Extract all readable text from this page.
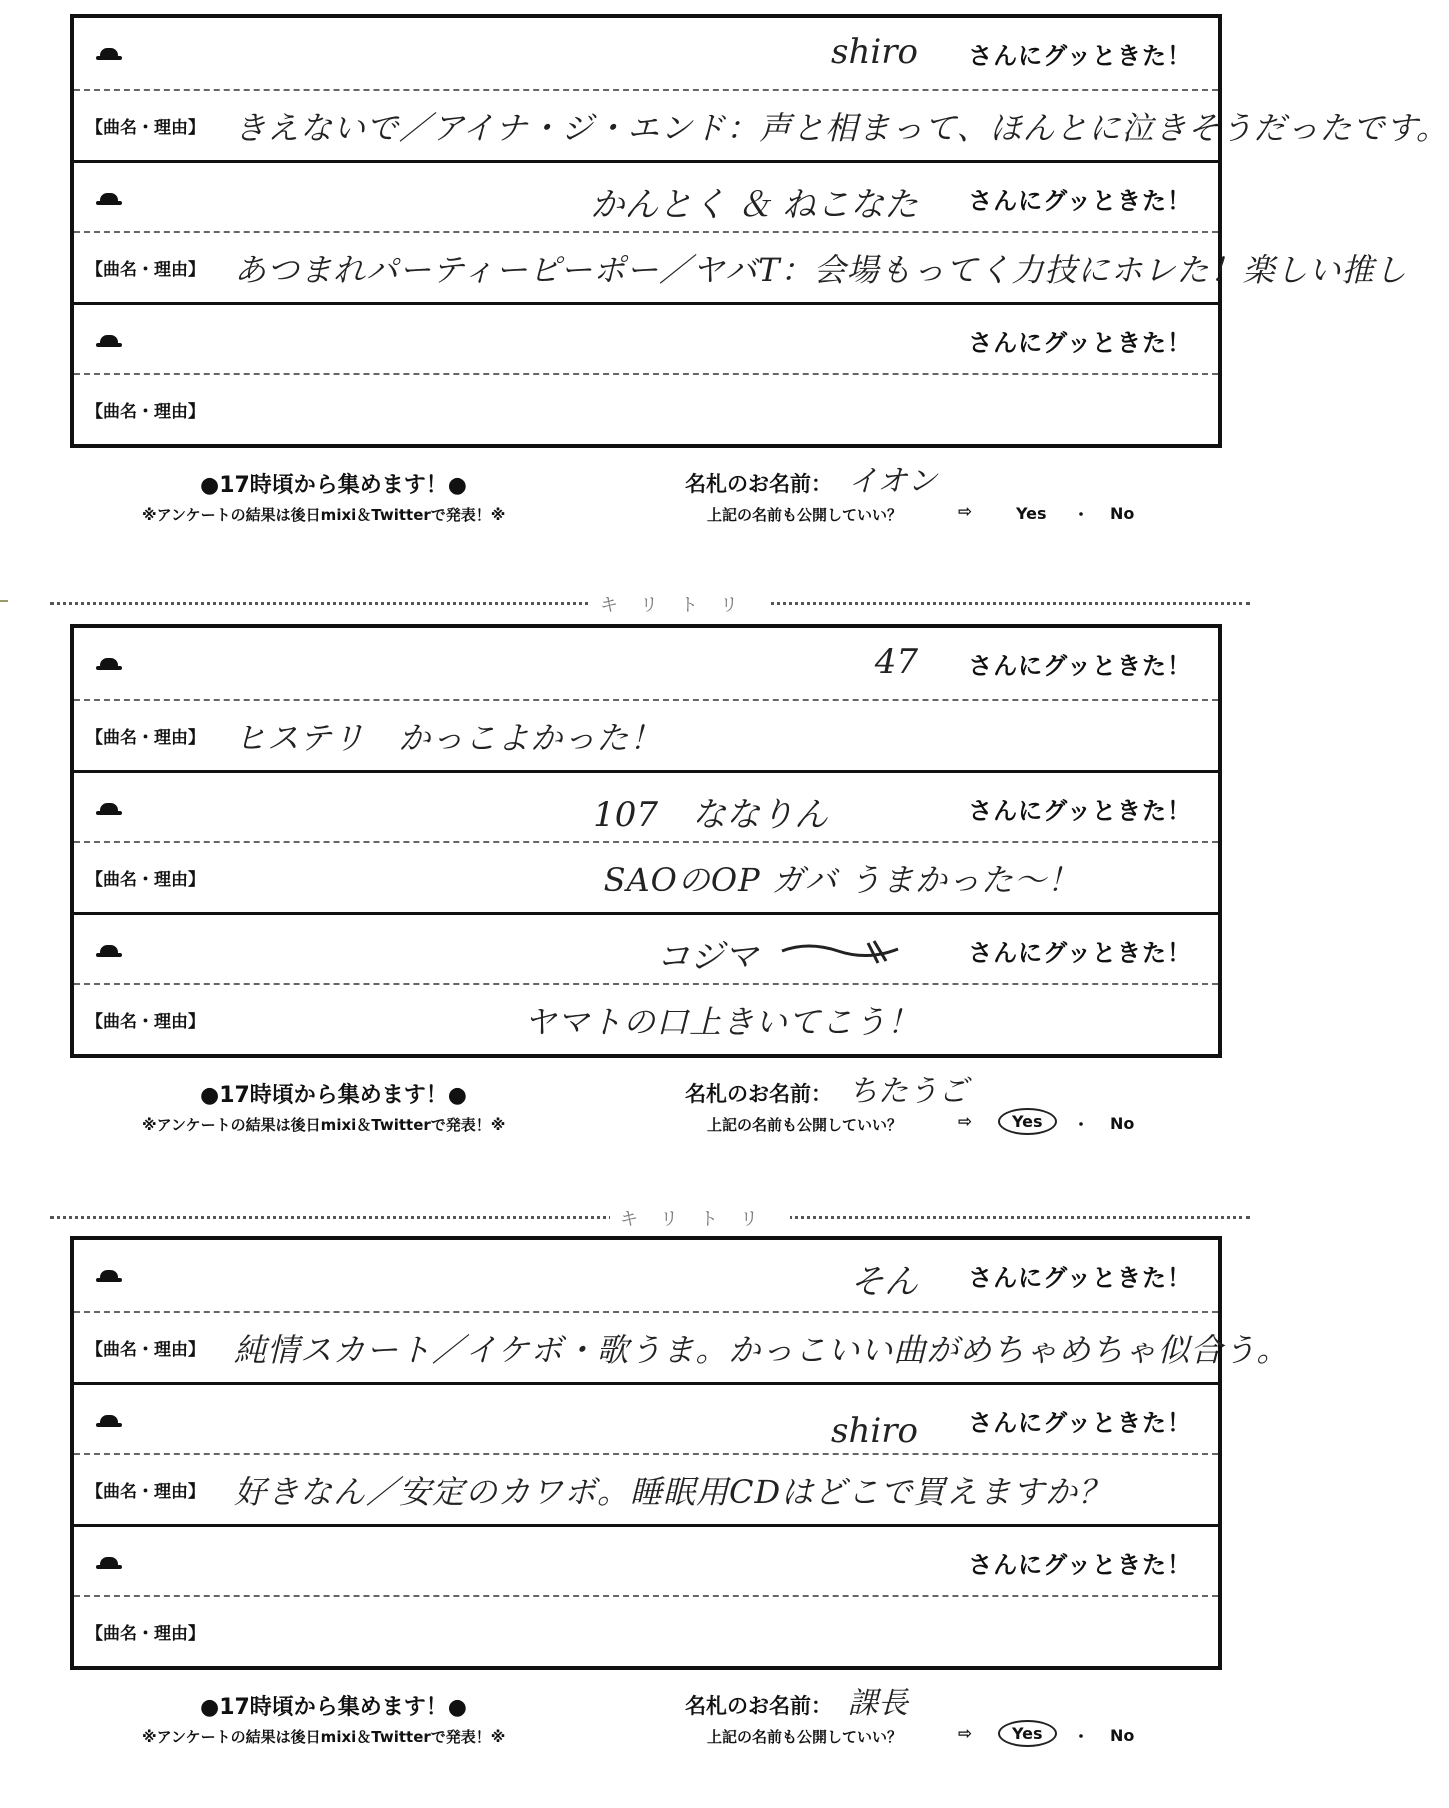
キリトリ
キリトリ
shiro さんにグッときた！
【曲名・理由】 きえないで／アイナ・ジ・エンド：声と相まって、ほんとに泣きそうだったです。
かんとく ＆ ねこなた さんにグッときた！
【曲名・理由】 あつまれパーティーピーポー／ヤバT：会場もってく力技にホレた！楽しい推し
さんにグッときた！
【曲名・理由】
●17時頃から集めます！●
※アンケートの結果は後日mixi＆Twitterで発表！※
名札のお名前： イオン
上記の名前も公開していい？	⇨	Yes	・ No
47 さんにグッときた！
【曲名・理由】 ヒステリ　かっこよかった！
107　ななりん	さんにグッときた！
【曲名・理由】	SAOのOP ガバ うまかった～！
コジマ	さんにグッときた！
【曲名・理由】	ヤマトの口上きいてこう！
●17時頃から集めます！●
※アンケートの結果は後日mixi＆Twitterで発表！※
名札のお名前： ちたうご
上記の名前も公開していい？	⇨	Yes	・ No
そん さんにグッときた！
【曲名・理由】 純情スカート／イケボ・歌うま。かっこいい曲がめちゃめちゃ似合う。
shiro さんにグッときた！
【曲名・理由】 好きなん／安定のカワボ。睡眠用CDはどこで買えますか？
さんにグッときた！
【曲名・理由】
●17時頃から集めます！●
※アンケートの結果は後日mixi＆Twitterで発表！※
名札のお名前： 課長
上記の名前も公開していい？	⇨	Yes	・ No
